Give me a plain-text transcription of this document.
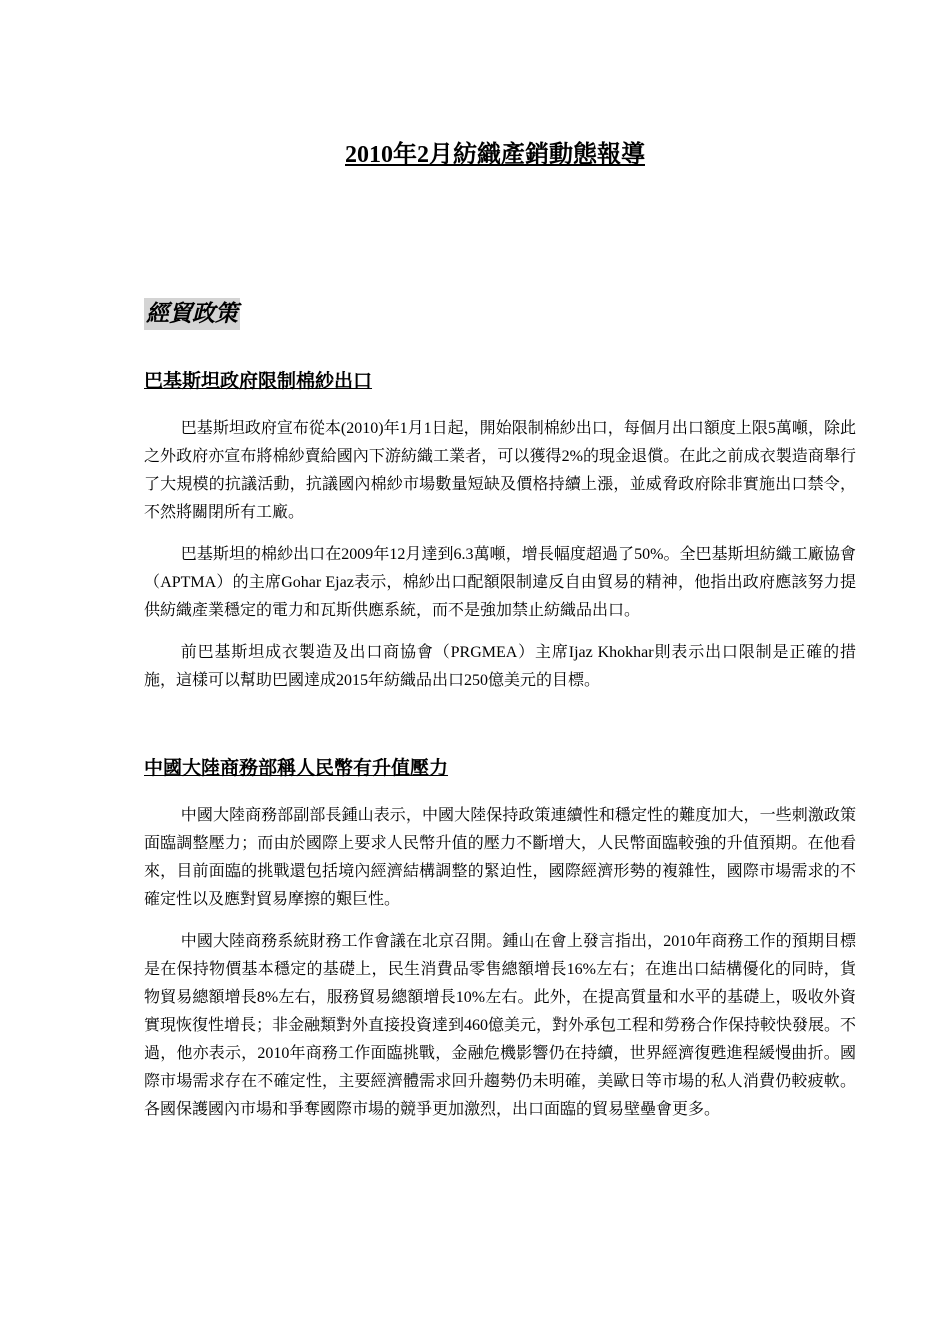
2010年2月紡織產銷動態報導
經貿政策
巴基斯坦政府限制棉紗出口

巴基斯坦政府宣布從本(2010)年1月1日起，開始限制棉紗出口，每個月出口額度上限5萬噸，除此之外政府亦宣布將棉紗賣給國內下游紡織工業者，可以獲得2%的現金退償。在此之前成衣製造商舉行了大規模的抗議活動，抗議國內棉紗市場數量短缺及價格持續上漲，並威脅政府除非實施出口禁令，不然將關閉所有工廠。

巴基斯坦的棉紗出口在2009年12月達到6.3萬噸，增長幅度超過了50%。全巴基斯坦紡織工廠協會（APTMA）的主席Gohar Ejaz表示，棉紗出口配額限制違反自由貿易的精神，他指出政府應該努力提供紡織產業穩定的電力和瓦斯供應系統，而不是強加禁止紡織品出口。

前巴基斯坦成衣製造及出口商協會（PRGMEA）主席Ijaz Khokhar則表示出口限制是正確的措施，這樣可以幫助巴國達成2015年紡織品出口250億美元的目標。

中國大陸商務部稱人民幣有升值壓力

中國大陸商務部副部長鍾山表示，中國大陸保持政策連續性和穩定性的難度加大，一些刺激政策面臨調整壓力；而由於國際上要求人民幣升值的壓力不斷增大，人民幣面臨較強的升值預期。在他看來，目前面臨的挑戰還包括境內經濟結構調整的緊迫性，國際經濟形勢的複雜性，國際市場需求的不確定性以及應對貿易摩擦的艱巨性。

中國大陸商務系統財務工作會議在北京召開。鍾山在會上發言指出，2010年商務工作的預期目標是在保持物價基本穩定的基礎上，民生消費品零售總額增長16%左右；在進出口結構優化的同時，貨物貿易總額增長8%左右，服務貿易總額增長10%左右。此外，在提高質量和水平的基礎上，吸收外資實現恢復性增長；非金融類對外直接投資達到460億美元，對外承包工程和勞務合作保持較快發展。不過，他亦表示，2010年商務工作面臨挑戰，金融危機影響仍在持續，世界經濟復甦進程緩慢曲折。國際市場需求存在不確定性，主要經濟體需求回升趨勢仍未明確，美歐日等市場的私人消費仍較疲軟。各國保護國內市場和爭奪國際市場的競爭更加激烈，出口面臨的貿易壁壘會更多。
